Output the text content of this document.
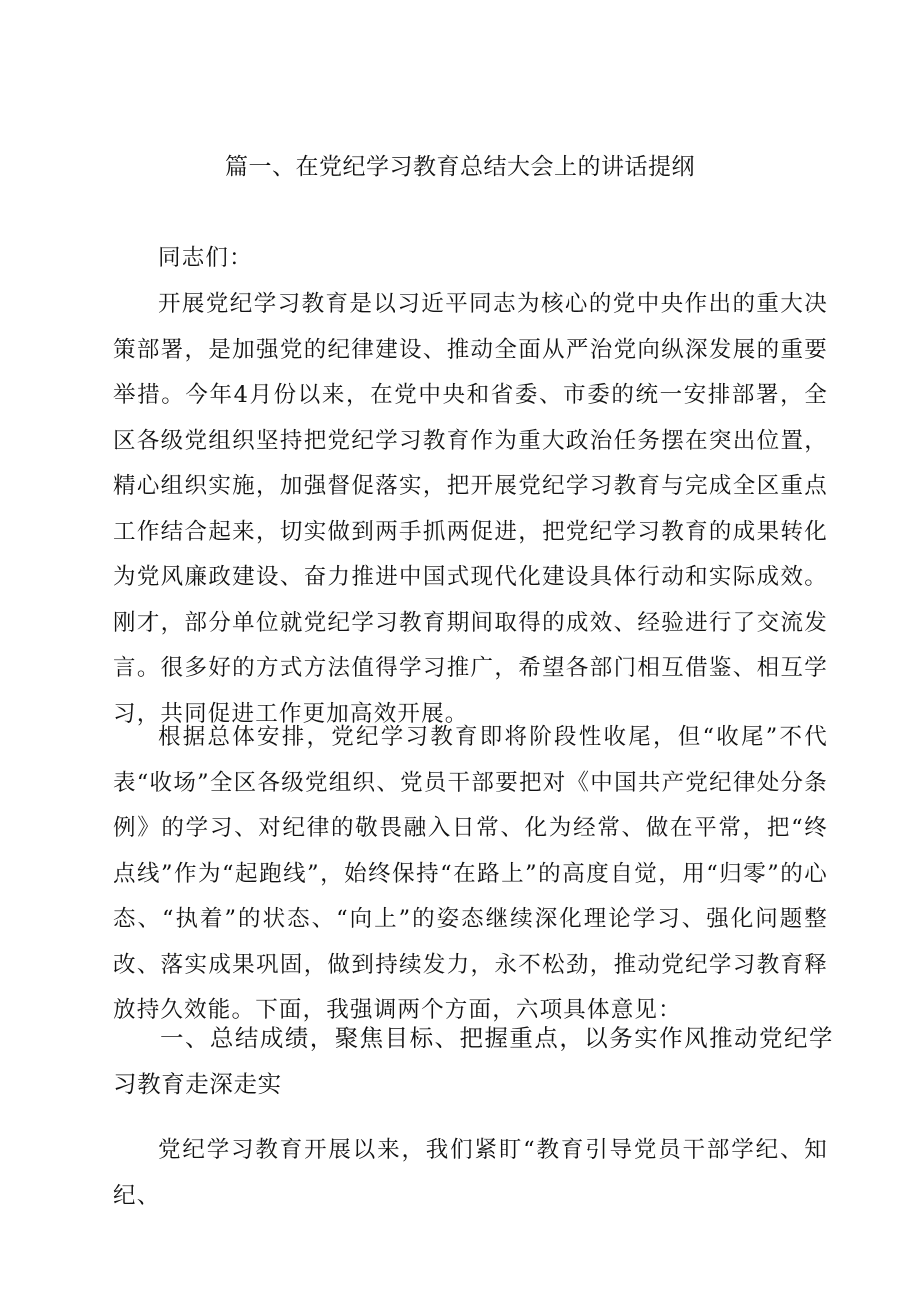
篇一、在党纪学习教育总结大会上的讲话提纲

同志们：

开展党纪学习教育是以习近平同志为核心的党中央作出的重大决策部署，是加强党的纪律建设、推动全面从严治党向纵深发展的重要举措。今年4月份以来，在党中央和省委、市委的统一安排部署，全区各级党组织坚持把党纪学习教育作为重大政治任务摆在突出位置，精心组织实施，加强督促落实，把开展党纪学习教育与完成全区重点工作结合起来，切实做到两手抓两促进，把党纪学习教育的成果转化为党风廉政建设、奋力推进中国式现代化建设具体行动和实际成效。刚才，部分单位就党纪学习教育期间取得的成效、经验进行了交流发言。很多好的方式方法值得学习推广，希望各部门相互借鉴、相互学习，共同促进工作更加高效开展。

根据总体安排，党纪学习教育即将阶段性收尾，但“收尾”不代表“收场”全区各级党组织、党员干部要把对《中国共产党纪律处分条例》的学习、对纪律的敬畏融入日常、化为经常、做在平常，把“终点线”作为“起跑线”，始终保持“在路上”的高度自觉，用“归零”的心态、“执着”的状态、“向上”的姿态继续深化理论学习、强化问题整改、落实成果巩固，做到持续发力，永不松劲，推动党纪学习教育释放持久效能。下面，我强调两个方面，六项具体意见：

一、总结成绩，聚焦目标、把握重点，以务实作风推动党纪学习教育走深走实

党纪学习教育开展以来，我们紧盯“教育引导党员干部学纪、知纪、
